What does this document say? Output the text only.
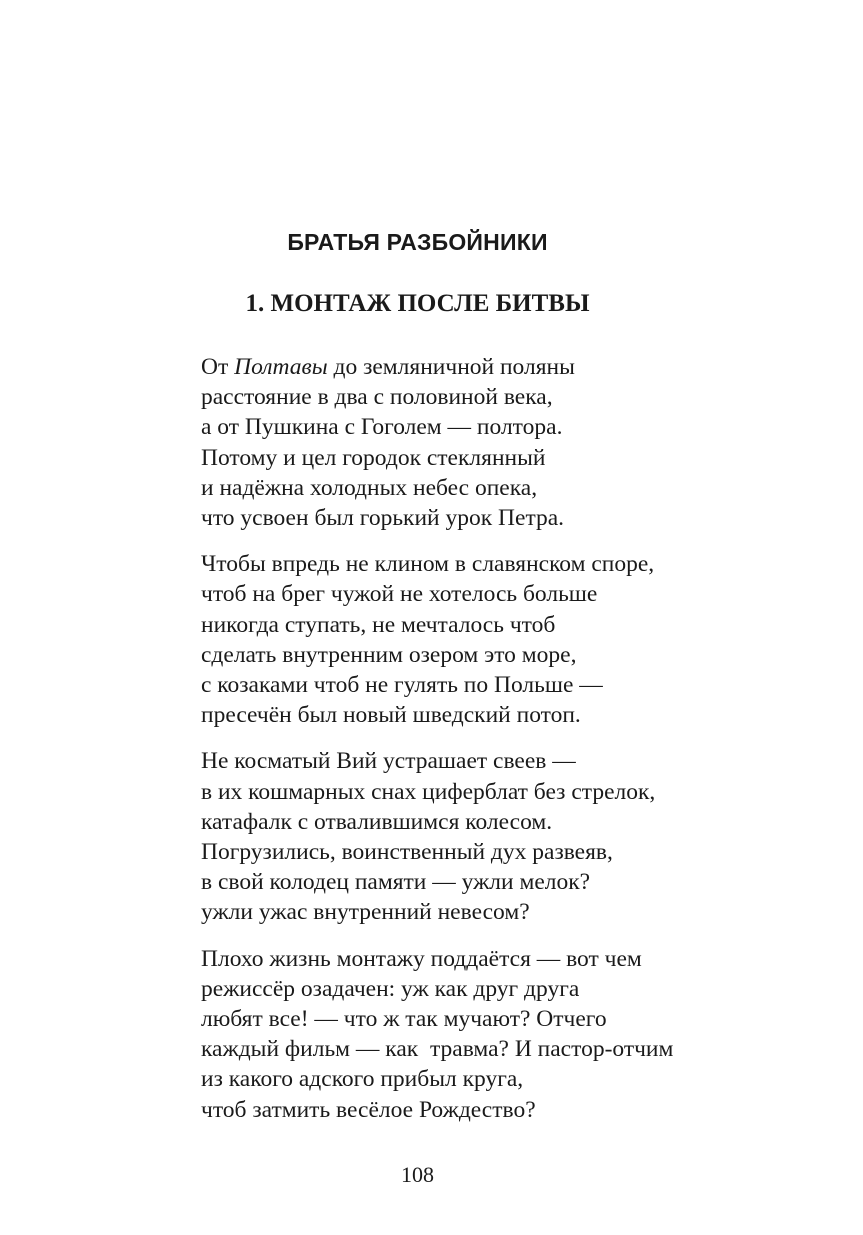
БРАТЬЯ РАЗБОЙНИКИ
1. МОНТАЖ ПОСЛЕ БИТВЫ
От Полтавы до земляничной поляны
расстояние в два с половиной века,
а от Пушкина с Гоголем — полтора.
Потому и цел городок стеклянный
и надёжна холодных небес опека,
что усвоен был горький урок Петра.
Чтобы впредь не клином в славянском споре,
чтоб на брег чужой не хотелось больше
никогда ступать, не мечталось чтоб
сделать внутренним озером это море,
с козаками чтоб не гулять по Польше —
пресечён был новый шведский потоп.
Не косматый Вий устрашает свеев —
в их кошмарных снах циферблат без стрелок,
катафалк с отвалившимся колесом.
Погрузились, воинственный дух развеяв,
в свой колодец памяти — ужли мелок?
ужли ужас внутренний невесом?
Плохо жизнь монтажу поддаётся — вот чем
режиссёр озадачен: уж как друг друга
любят все! — что ж так мучают? Отчего
каждый фильм — как  травма? И пастор-отчим
из какого адского прибыл круга,
чтоб затмить весёлое Рождество?
108
